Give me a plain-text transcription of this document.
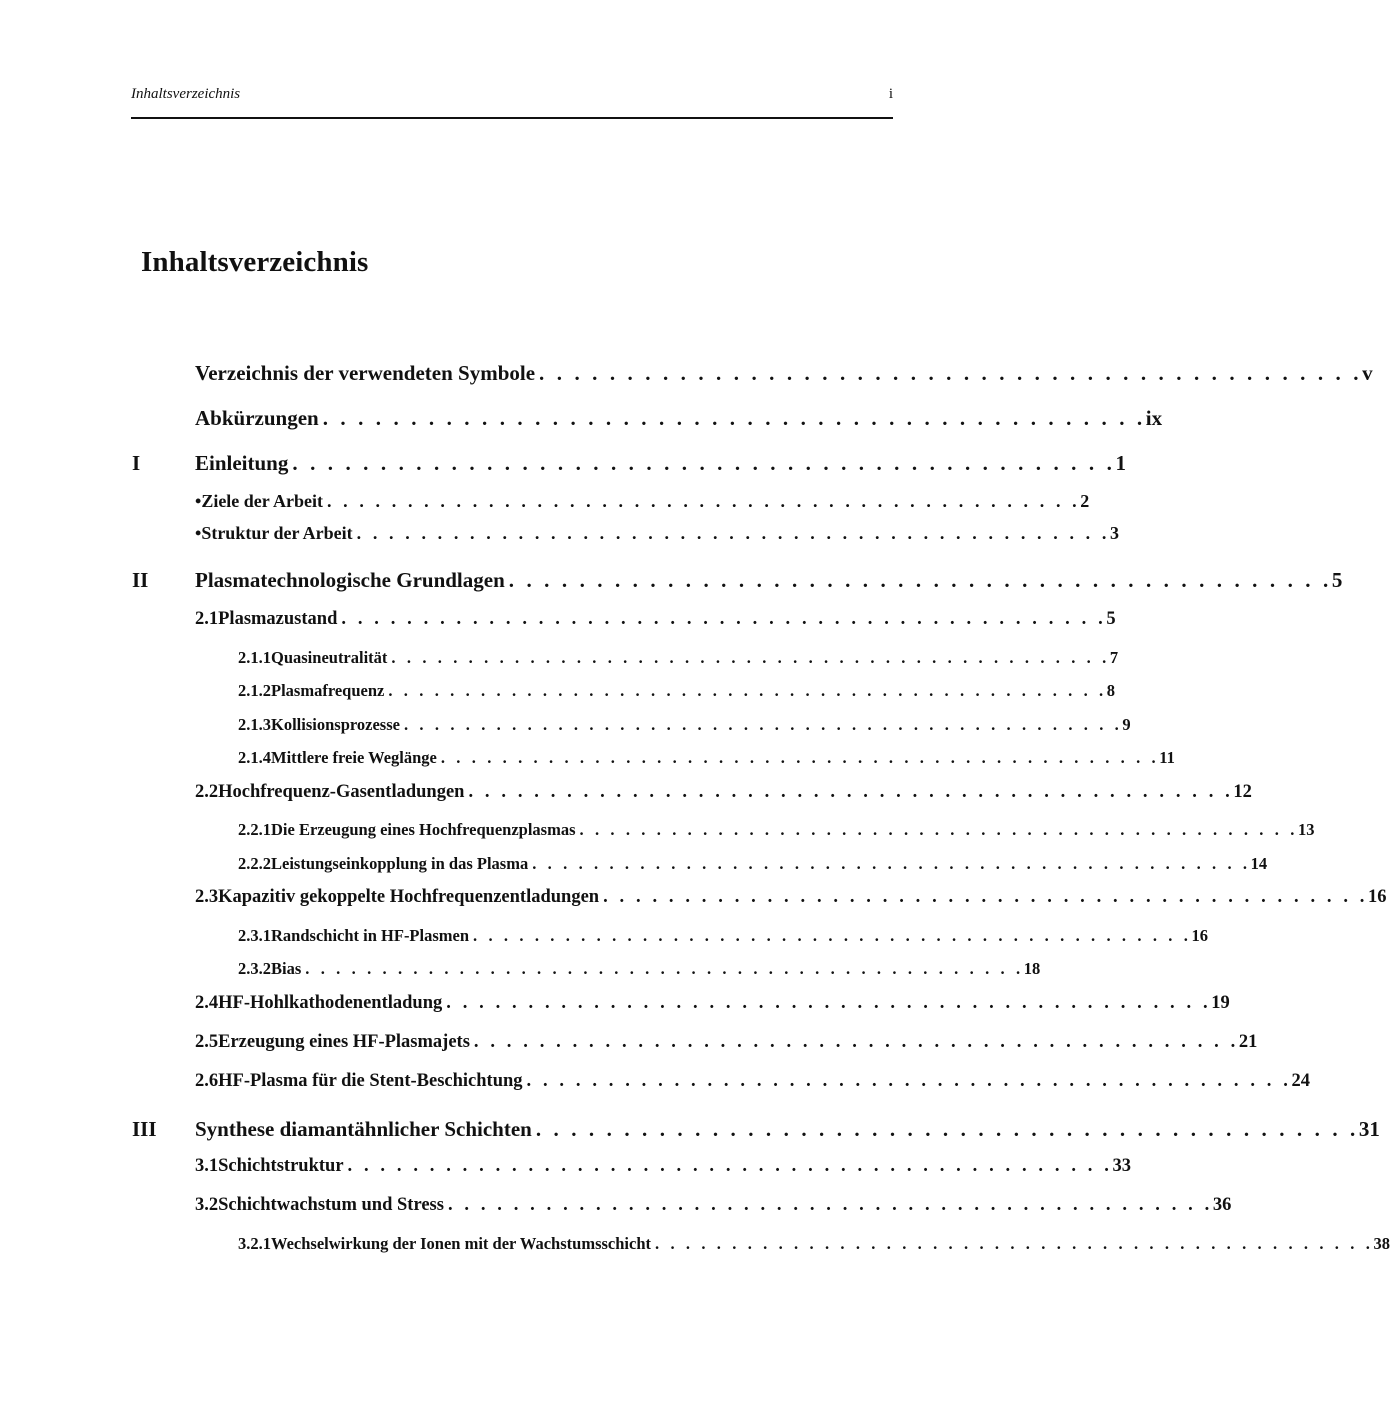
Inhaltsverzeichnis	i
Inhaltsverzeichnis
Verzeichnis der verwendeten Symbole . . . . . . . . . . . . . . . . . . . . . . . . . . . . . . . . . . . . . . . . . . . . . . . v
Abkürzungen . . . . . . . . . . . . . . . . . . . . . . . . . . . . . . . . . . . . . . . . . . . . . . . ix
I	Einleitung . . . . . . . . . . . . . . . . . . . . . . . . . . . . . . . . . . . . . . . . . . . . . . . 1
• Ziele der Arbeit . . . . . . . . . . . . . . . . . . . . . . . . . . . . . . . . . . . . . . . . . . . . . . . 2
• Struktur der Arbeit . . . . . . . . . . . . . . . . . . . . . . . . . . . . . . . . . . . . . . . . . . . . . . . 3
II	Plasmatechnologische Grundlagen . . . . . . . . . . . . . . . . . . . . . . . . . . . . . . . . . . . . . . . . . . . . . . . 5
2.1 Plasmazustand . . . . . . . . . . . . . . . . . . . . . . . . . . . . . . . . . . . . . . . . . . . . . . . 5
2.1.1 Quasineutralität . . . . . . . . . . . . . . . . . . . . . . . . . . . . . . . . . . . . . . . . . . . . . . . 7
2.1.2 Plasmafrequenz . . . . . . . . . . . . . . . . . . . . . . . . . . . . . . . . . . . . . . . . . . . . . . . 8
2.1.3 Kollisionsprozesse . . . . . . . . . . . . . . . . . . . . . . . . . . . . . . . . . . . . . . . . . . . . . . . 9
2.1.4 Mittlere freie Weglänge . . . . . . . . . . . . . . . . . . . . . . . . . . . . . . . . . . . . . . . . . . . . . . . 11
2.2 Hochfrequenz-Gasentladungen . . . . . . . . . . . . . . . . . . . . . . . . . . . . . . . . . . . . . . . . . . . . . . . 12
2.2.1 Die Erzeugung eines Hochfrequenzplasmas . . . . . . . . . . . . . . . . . . . . . . . . . . . . . . . . . . . . . . . . . . . . . . . 13
2.2.2 Leistungseinkopplung in das Plasma . . . . . . . . . . . . . . . . . . . . . . . . . . . . . . . . . . . . . . . . . . . . . . . 14
2.3 Kapazitiv gekoppelte Hochfrequenzentladungen . . . . . . . . . . . . . . . . . . . . . . . . . . . . . . . . . . . . . . . . . . . . . . . 16
2.3.1 Randschicht in HF-Plasmen . . . . . . . . . . . . . . . . . . . . . . . . . . . . . . . . . . . . . . . . . . . . . . . 16
2.3.2 Bias . . . . . . . . . . . . . . . . . . . . . . . . . . . . . . . . . . . . . . . . . . . . . . . 18
2.4 HF-Hohlkathodenentladung . . . . . . . . . . . . . . . . . . . . . . . . . . . . . . . . . . . . . . . . . . . . . . . 19
2.5 Erzeugung eines HF-Plasmajets . . . . . . . . . . . . . . . . . . . . . . . . . . . . . . . . . . . . . . . . . . . . . . . 21
2.6 HF-Plasma für die Stent-Beschichtung . . . . . . . . . . . . . . . . . . . . . . . . . . . . . . . . . . . . . . . . . . . . . . . 24
III	Synthese diamantähnlicher Schichten . . . . . . . . . . . . . . . . . . . . . . . . . . . . . . . . . . . . . . . . . . . . . . . 31
3.1 Schichtstruktur . . . . . . . . . . . . . . . . . . . . . . . . . . . . . . . . . . . . . . . . . . . . . . . 33
3.2 Schichtwachstum und Stress . . . . . . . . . . . . . . . . . . . . . . . . . . . . . . . . . . . . . . . . . . . . . . . 36
3.2.1 Wechselwirkung der Ionen mit der Wachstumsschicht . . . . . . . . . . . . . . . . . . . . . . . . . . . . . . . . . . . . . . . . . . . . . . . 38
